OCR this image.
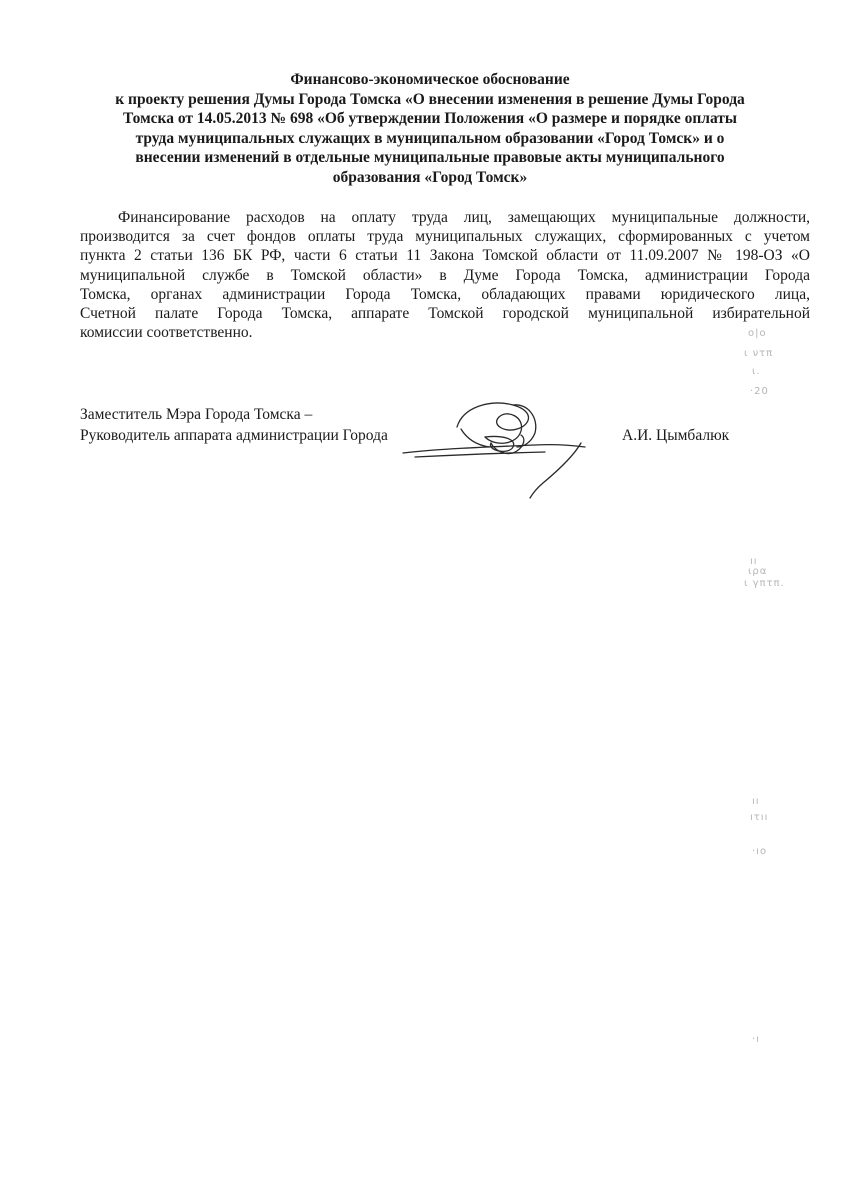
Финансово-экономическое обоснование
к проекту решения Думы Города Томска «О внесении изменения в решение Думы Города
Томска от 14.05.2013 № 698 «Об утверждении Положения «О размере и порядке оплаты
труда муниципальных служащих в муниципальном образовании «Город Томск» и о
внесении изменений в отдельные муниципальные правовые акты муниципального
образования «Город Томск»
Финансирование расходов на оплату труда лиц, замещающих муниципальные должности,
производится за счет фондов оплаты труда муниципальных служащих, сформированных с учетом
пункта 2 статьи 136 БК РФ, части 6 статьи 11 Закона Томской области от 11.09.2007 № 198-ОЗ «О
муниципальной службе в Томской области» в Думе Города Томска, администрации Города
Томска, органах администрации Города Томска, обладающих правами юридического лица,
Счетной палате Города Томска, аппарате Томской городской муниципальной избирательной
комиссии соответственно.
Заместитель Мэра Города Томска –
Руководитель аппарата администрации Города	А.И. Цымбалюк
o|o
ι ντπ
ι.
·20
ıı
ιρα
ι γπτπ.
ıı
ıτıı
·ıο
·ı
